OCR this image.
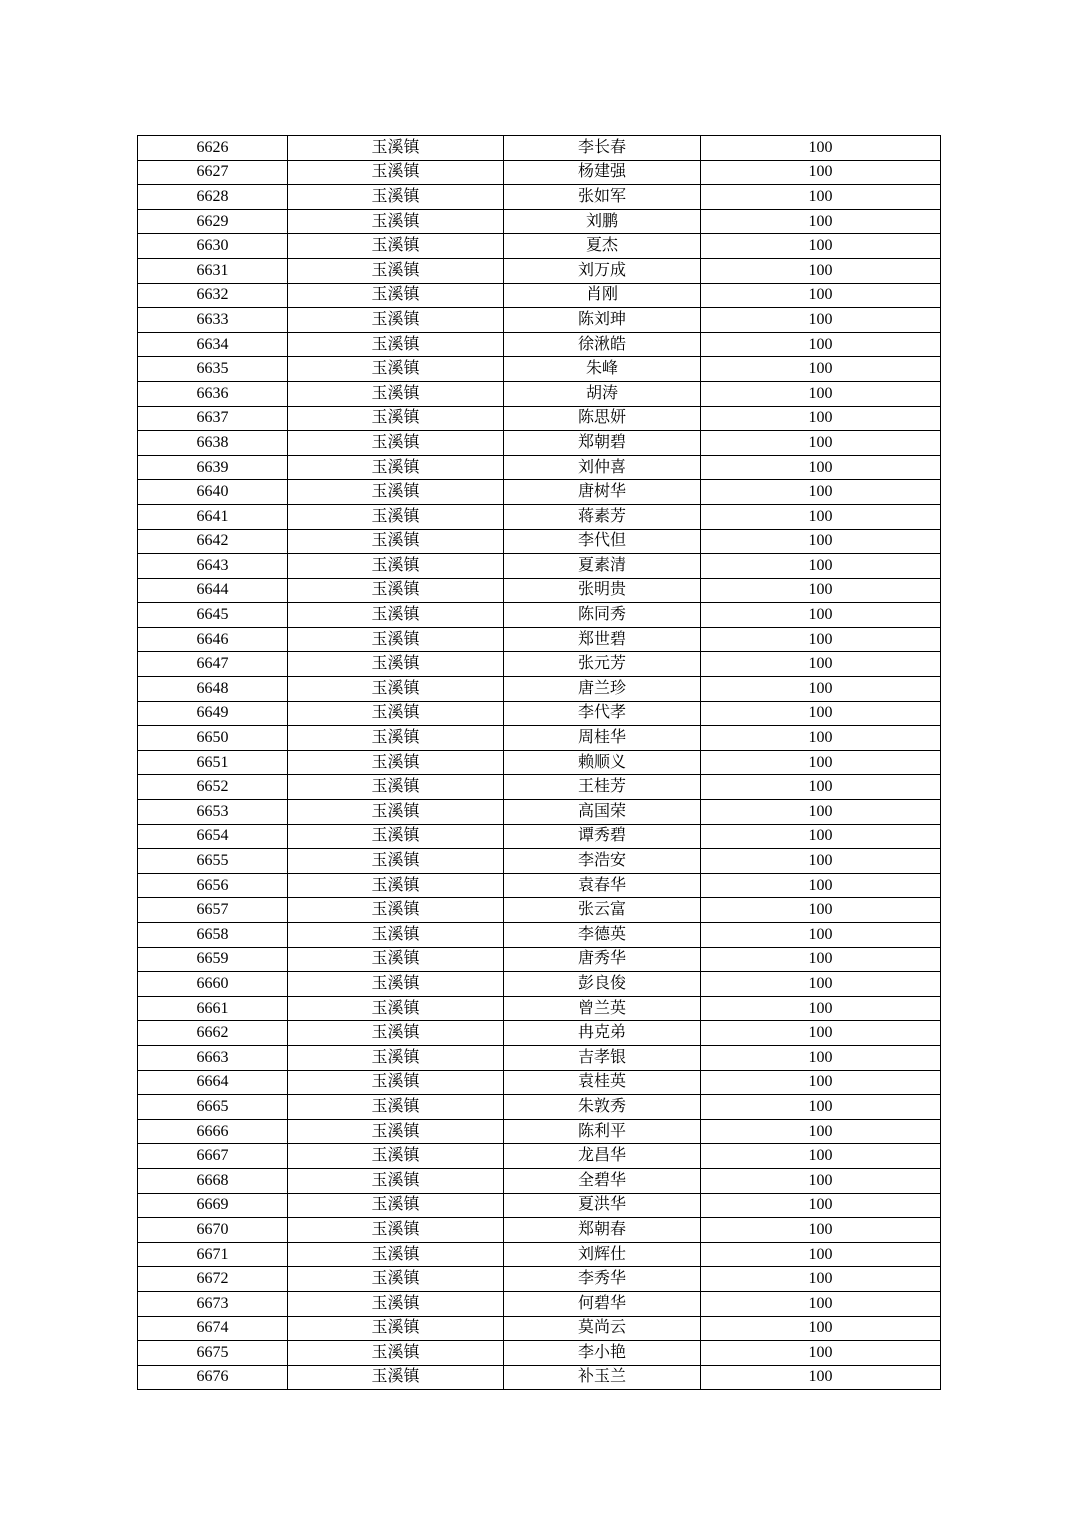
6626	玉溪镇	李长春	100
6627	玉溪镇	杨建强	100
6628	玉溪镇	张如军	100
6629	玉溪镇	刘鹏	100
6630	玉溪镇	夏杰	100
6631	玉溪镇	刘万成	100
6632	玉溪镇	肖刚	100
6633	玉溪镇	陈刘珅	100
6634	玉溪镇	徐湫皓	100
6635	玉溪镇	朱峰	100
6636	玉溪镇	胡涛	100
6637	玉溪镇	陈思妍	100
6638	玉溪镇	郑朝碧	100
6639	玉溪镇	刘仲喜	100
6640	玉溪镇	唐树华	100
6641	玉溪镇	蒋素芳	100
6642	玉溪镇	李代但	100
6643	玉溪镇	夏素清	100
6644	玉溪镇	张明贵	100
6645	玉溪镇	陈同秀	100
6646	玉溪镇	郑世碧	100
6647	玉溪镇	张元芳	100
6648	玉溪镇	唐兰珍	100
6649	玉溪镇	李代孝	100
6650	玉溪镇	周桂华	100
6651	玉溪镇	赖顺义	100
6652	玉溪镇	王桂芳	100
6653	玉溪镇	高国荣	100
6654	玉溪镇	谭秀碧	100
6655	玉溪镇	李浩安	100
6656	玉溪镇	袁春华	100
6657	玉溪镇	张云富	100
6658	玉溪镇	李德英	100
6659	玉溪镇	唐秀华	100
6660	玉溪镇	彭良俊	100
6661	玉溪镇	曾兰英	100
6662	玉溪镇	冉克弟	100
6663	玉溪镇	吉孝银	100
6664	玉溪镇	袁桂英	100
6665	玉溪镇	朱敦秀	100
6666	玉溪镇	陈利平	100
6667	玉溪镇	龙昌华	100
6668	玉溪镇	全碧华	100
6669	玉溪镇	夏洪华	100
6670	玉溪镇	郑朝春	100
6671	玉溪镇	刘辉仕	100
6672	玉溪镇	李秀华	100
6673	玉溪镇	何碧华	100
6674	玉溪镇	莫尚云	100
6675	玉溪镇	李小艳	100
6676	玉溪镇	补玉兰	100
